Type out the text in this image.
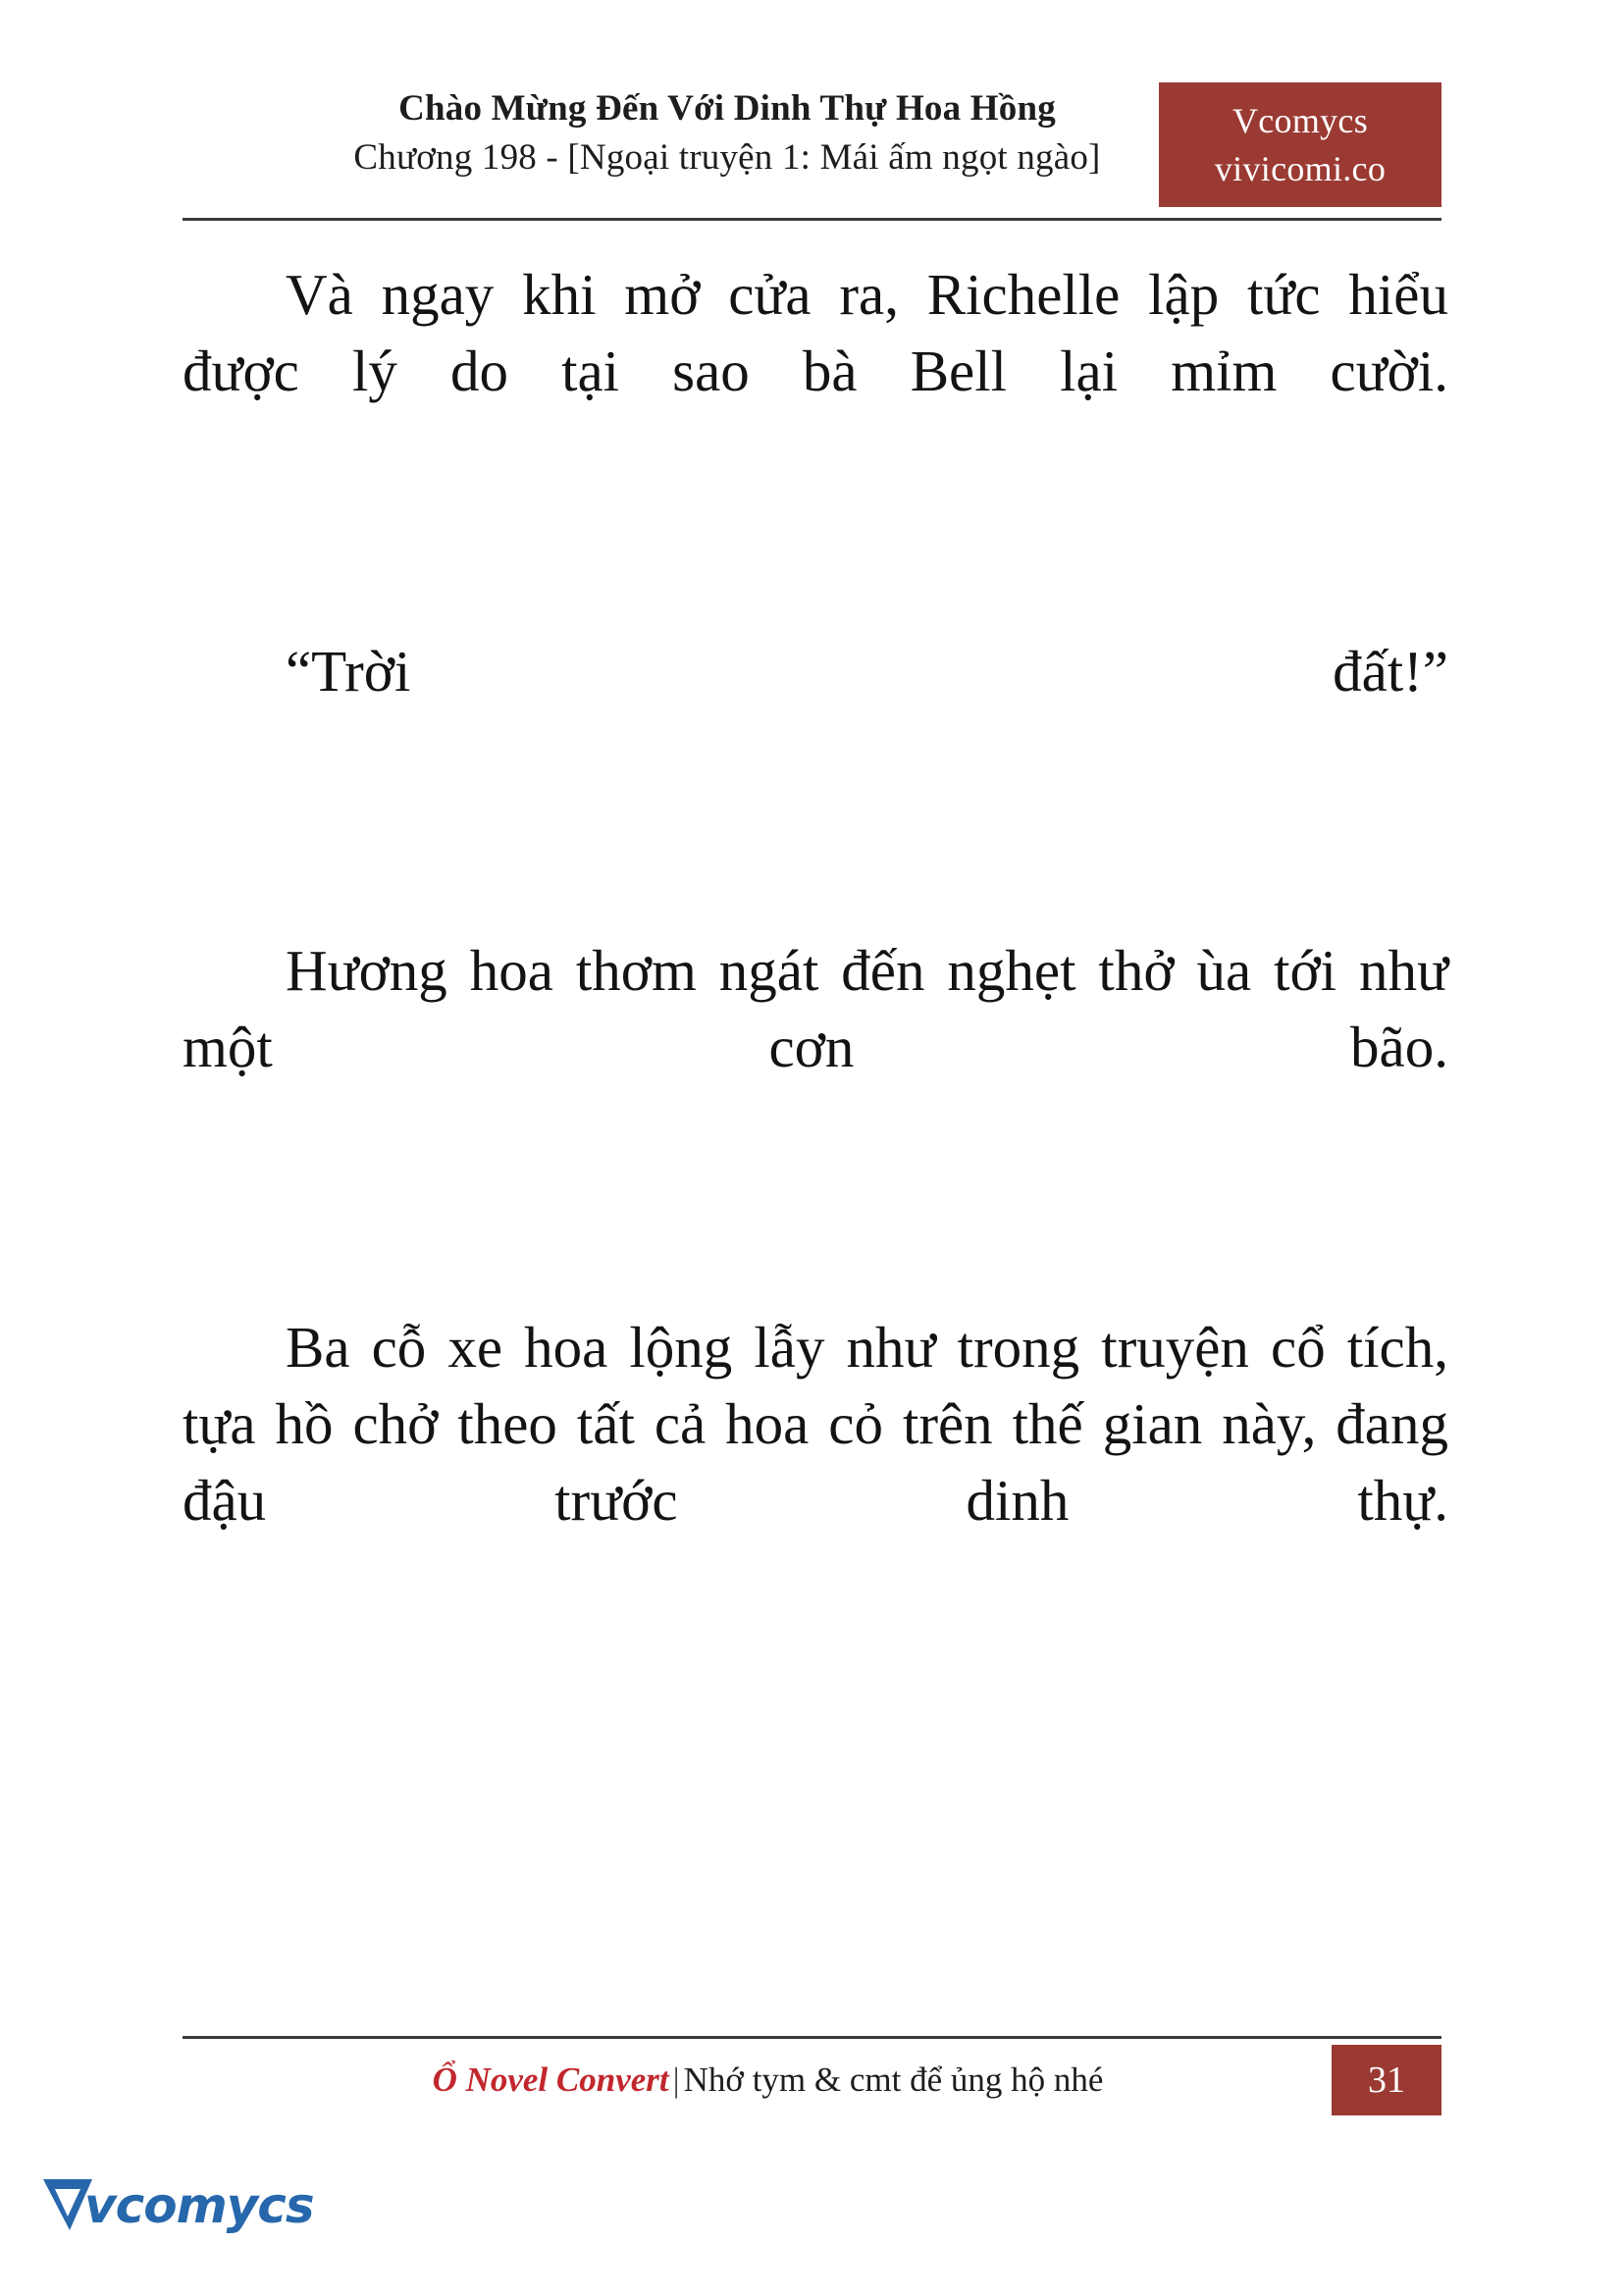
Chào Mừng Đến Với Dinh Thự Hoa Hồng
Chương 198 - [Ngoại truyện 1: Mái ấm ngọt ngào]
Vcomycs
vivicomi.co

Và ngay khi mở cửa ra, Richelle lập tức hiểu được lý do tại sao bà Bell lại mỉm cười.

“Trời đất!”

Hương hoa thơm ngát đến nghẹt thở ùa tới như một cơn bão.

Ba cỗ xe hoa lộng lẫy như trong truyện cổ tích, tựa hồ chở theo tất cả hoa cỏ trên thế gian này, đang đậu trước dinh thự.

Ổ Novel Convert | Nhớ tym & cmt để ủng hộ nhé	31
vcomycs
